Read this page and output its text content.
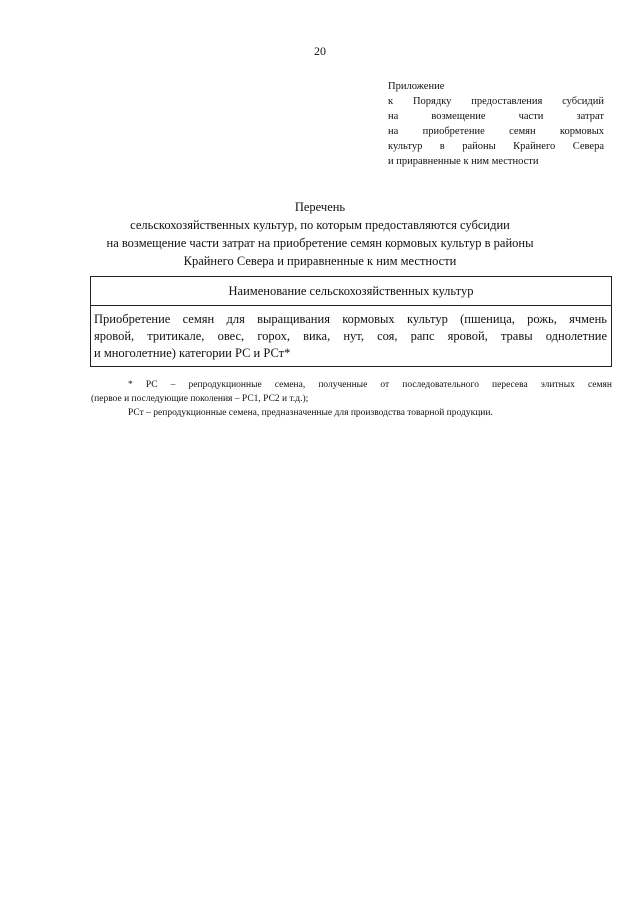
20
Приложение
к Порядку предоставления субсидий
на возмещение части затрат
на приобретение семян кормовых
культур в районы Крайнего Севера
и приравненные к ним местности
Перечень
сельскохозяйственных культур, по которым предоставляются субсидии
на возмещение части затрат на приобретение семян кормовых культур в районы
Крайнего Севера и приравненные к ним местности
Наименование сельскохозяйственных культур

Приобретение семян для выращивания кормовых культур (пшеница, рожь, ячмень
яровой, тритикале, овес, горох, вика, нут, соя, рапс яровой, травы однолетние
и многолетние) категории РС и РСт*
* РС – репродукционные семена, полученные от последовательного пересева элитных семян
(первое и последующие поколения – РС1, РС2 и т.д.);
РСт – репродукционные семена, предназначенные для производства товарной продукции.
